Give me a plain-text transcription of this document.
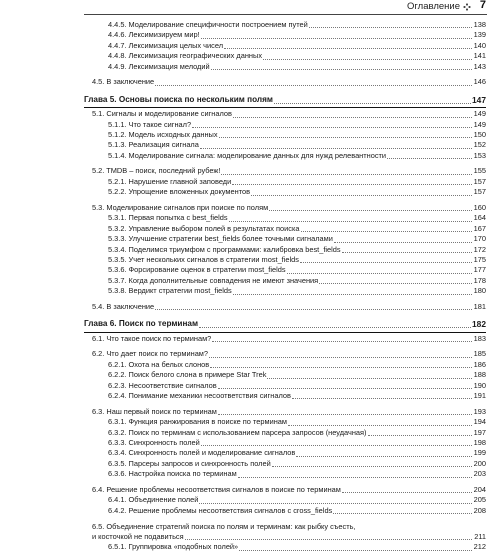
Оглавление 7
4.4.5. Моделирование специфичности построением путей	138
4.4.6. Лексимизируем мир!	139
4.4.7. Лексимизация целых чисел	140
4.4.8. Лексимизация географических данных	141
4.4.9. Лексимизация мелодий	143
4.5. В заключение	146
Глава 5. Основы поиска по нескольким полям	147
5.1. Сигналы и моделирование сигналов	149
5.1.1. Что такое сигнал?	149
5.1.2. Модель исходных данных	150
5.1.3. Реализация сигнала	152
5.1.4. Моделирование сигнала: моделирование данных для нужд релевантности	153
5.2. TMDB – поиск, последний рубеж!	155
5.2.1. Нарушение главной заповеди	157
5.2.2. Упрощение вложенных документов	157
5.3. Моделирование сигналов при поиске по полям	160
5.3.1. Первая попытка с best_fields	164
5.3.2. Управление выбором полей в результатах поиска	167
5.3.3. Улучшение стратегии best_fields более точными сигналами	170
5.3.4. Поделимся триумфом с программами: калибровка best_fields	172
5.3.5. Учет нескольких сигналов в стратегии most_fields	175
5.3.6. Форсирование оценок в стратегии most_fields	177
5.3.7. Когда дополнительные совпадения не имеют значения	178
5.3.8. Вердикт стратегии most_fields	180
5.4. В заключение	181
Глава 6. Поиск по терминам	182
6.1. Что такое поиск по терминам?	183
6.2. Что дает поиск по терминам?	185
6.2.1. Охота на белых слонов	186
6.2.2. Поиск белого слона в примере Star Trek	188
6.2.3. Несоответствие сигналов	190
6.2.4. Понимание механики несоответствия сигналов	191
6.3. Наш первый поиск по терминам	193
6.3.1. Функция ранжирования в поиске по терминам	194
6.3.2. Поиск по терминам с использованием парсера запросов (неудачная)	197
6.3.3. Синхронность полей	198
6.3.4. Синхронность полей и моделирование сигналов	199
6.3.5. Парсеры запросов и синхронность полей	200
6.3.6. Настройка поиска по терминам	203
6.4. Решение проблемы несоответствия сигналов в поиске по терминам	204
6.4.1. Объединение полей	205
6.4.2. Решение проблемы несоответствия сигналов с cross_fields	208
6.5. Объединение стратегий поиска по полям и терминам: как рыбку съесть,
и косточкой не подавиться	211
6.5.1. Группировка «подобных полей»	212
